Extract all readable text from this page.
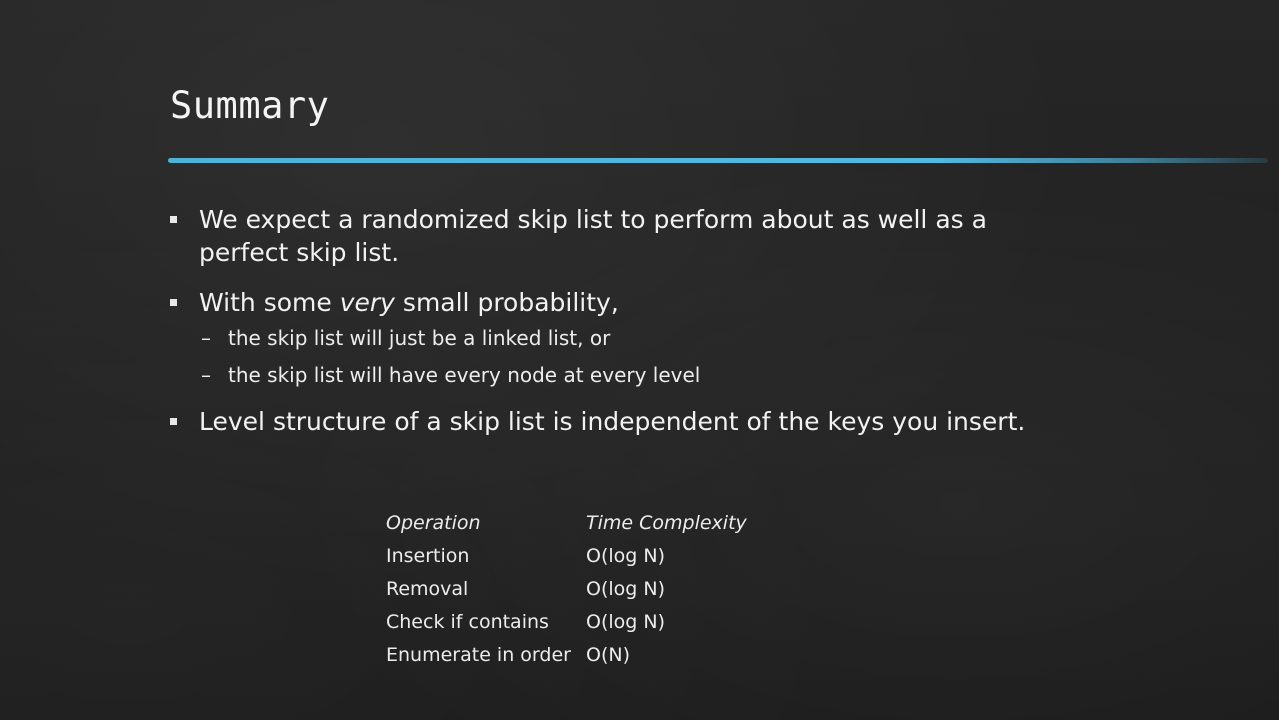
Summary
We expect a randomized skip list to perform about as well as a perfect skip list.
With some very small probability,
– the skip list will just be a linked list, or
– the skip list will have every node at every level
Level structure of a skip list is independent of the keys you insert.
Operation	Time Complexity
Insertion	O(log N)
Removal	O(log N)
Check if contains	O(log N)
Enumerate in order	O(N)
